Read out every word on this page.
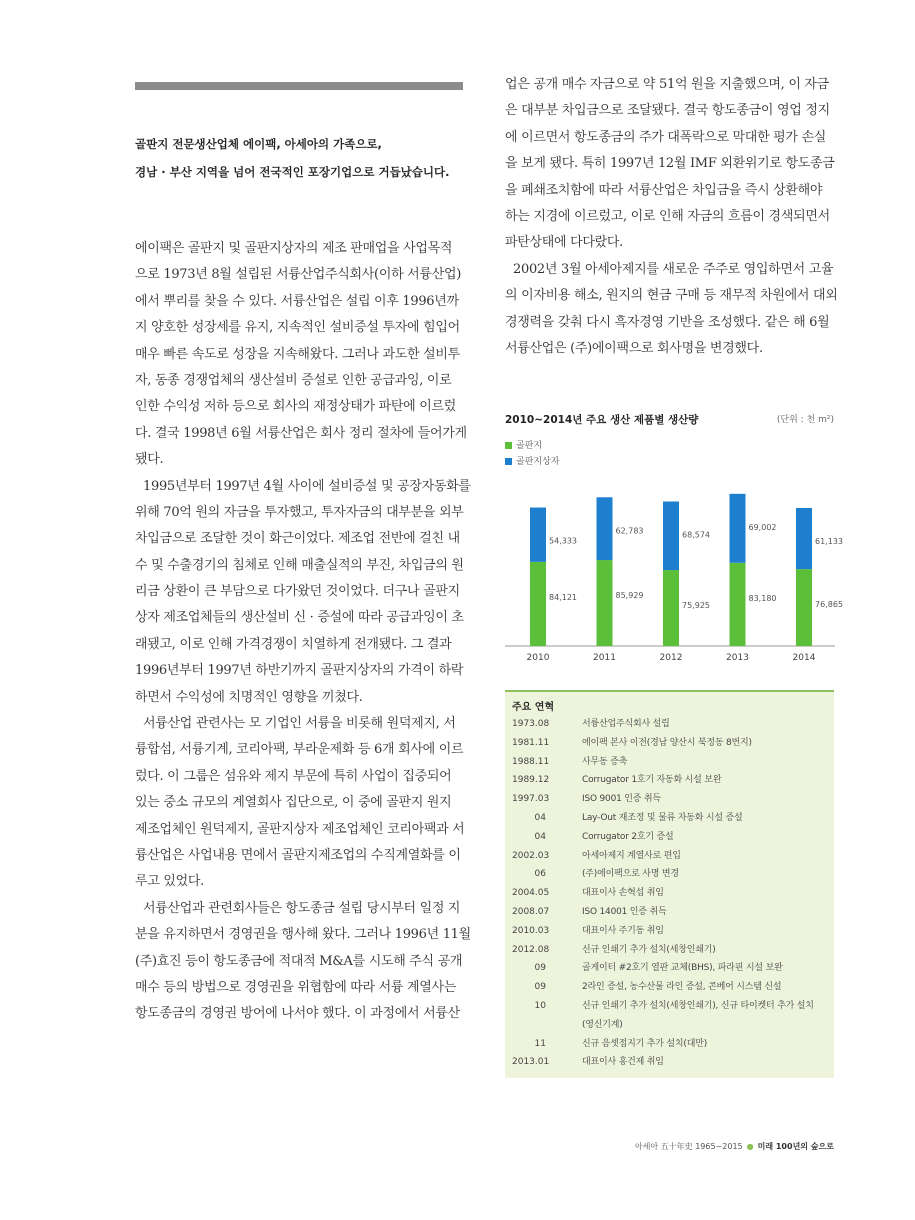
골판지 전문생산업체 에이팩, 아세아의 가족으로,
경남 · 부산 지역을 넘어 전국적인 포장기업으로 거듭났습니다.
에이팩은 골판지 및 골판지상자의 제조 판매업을 사업목적
으로 1973년 8월 설립된 서륭산업주식회사(이하 서륭산업)
에서 뿌리를 찾을 수 있다. 서륭산업은 설립 이후 1996년까
지 양호한 성장세를 유지, 지속적인 설비증설 투자에 힘입어
매우 빠른 속도로 성장을 지속해왔다. 그러나 과도한 설비투
자, 동종 경쟁업체의 생산설비 증설로 인한 공급과잉, 이로
인한 수익성 저하 등으로 회사의 재정상태가 파탄에 이르렀
다. 결국 1998년 6월 서륭산업은 회사 정리 절차에 들어가게
됐다.
1995년부터 1997년 4월 사이에 설비증설 및 공장자동화를
위해 70억 원의 자금을 투자했고, 투자자금의 대부분을 외부
차입금으로 조달한 것이 화근이었다. 제조업 전반에 걸친 내
수 및 수출경기의 침체로 인해 매출실적의 부진, 차입금의 원
리금 상환이 큰 부담으로 다가왔던 것이었다. 더구나 골판지
상자 제조업체들의 생산설비 신 · 증설에 따라 공급과잉이 초
래됐고, 이로 인해 가격경쟁이 치열하게 전개됐다. 그 결과
1996년부터 1997년 하반기까지 골판지상자의 가격이 하락
하면서 수익성에 치명적인 영향을 끼쳤다.
서륭산업 관련사는 모 기업인 서륭을 비롯해 원덕제지, 서
륭합섬, 서륭기계, 코리아팩, 부라운제화 등 6개 회사에 이르
렀다. 이 그룹은 섬유와 제지 부문에 특히 사업이 집중되어
있는 중소 규모의 계열회사 집단으로, 이 중에 골판지 원지
제조업체인 원덕제지, 골판지상자 제조업체인 코리아팩과 서
륭산업은 사업내용 면에서 골판지제조업의 수직계열화를 이
루고 있었다.
서륭산업과 관련회사들은 항도종금 설립 당시부터 일정 지
분을 유지하면서 경영권을 행사해 왔다. 그러나 1996년 11월
(주)효진 등이 항도종금에 적대적 M&A를 시도해 주식 공개
매수 등의 방법으로 경영권을 위협함에 따라 서륭 계열사는
항도종금의 경영권 방어에 나서야 했다. 이 과정에서 서륭산
업은 공개 매수 자금으로 약 51억 원을 지출했으며, 이 자금
은 대부분 차입금으로 조달됐다. 결국 항도종금이 영업 정지
에 이르면서 항도종금의 주가 대폭락으로 막대한 평가 손실
을 보게 됐다. 특히 1997년 12월 IMF 외환위기로 항도종금
을 폐쇄조치함에 따라 서륭산업은 차입금을 즉시 상환해야
하는 지경에 이르렀고, 이로 인해 자금의 흐름이 경색되면서
파탄상태에 다다랐다.
2002년 3월 아세아제지를 새로운 주주로 영입하면서 고율
의 이자비용 해소, 원지의 현금 구매 등 재무적 차원에서 대외
경쟁력을 갖춰 다시 흑자경영 기반을 조성했다. 같은 해 6월
서륭산업은 (주)에이팩으로 회사명을 변경했다.
2010~2014년 주요 생산 제품별 생산량	(단위 : 천 m²)
골판지
골판지상자
84,121
54,333
2010
85,929
62,783
2011
75,925
68,574
2012
83,180
69,002
2013
76,865
61,133
2014
주요 연혁
1973.08	서륭산업주식회사 설립
1981.11	에이팩 본사 이전(경남 양산시 북정동 8번지)
1988.11	사무동 증축
1989.12	Corrugator 1호기 자동화 시설 보완
1997.03	ISO 9001 인증 취득
04	Lay-Out 재조정 및 물류 자동화 시설 증설
04	Corrugator 2호기 증설
2002.03	아세아제지 계열사로 편입
06	(주)에이팩으로 사명 변경
2004.05	대표이사 손혁섭 취임
2008.07	ISO 14001 인증 취득
2010.03	대표이사 주기동 취임
2012.08	신규 인쇄기 추가 설치(세창인쇄기)
09	골게이터 #2호기 열판 교체(BHS), 파라핀 시설 보완
09	2라인 증설, 농수산물 라인 증설, 콘베어 시스템 신설
10	신규 인쇄기 추가 설치(세창인쇄기), 신규 타이켓터 추가 설치
(영신기계)
11	신규 음셋접지기 추가 설치(대만)
2013.01	대표이사 홍건제 취임
아세아 五十年史 1965~2015 ● 미래 100년의 숲으로
